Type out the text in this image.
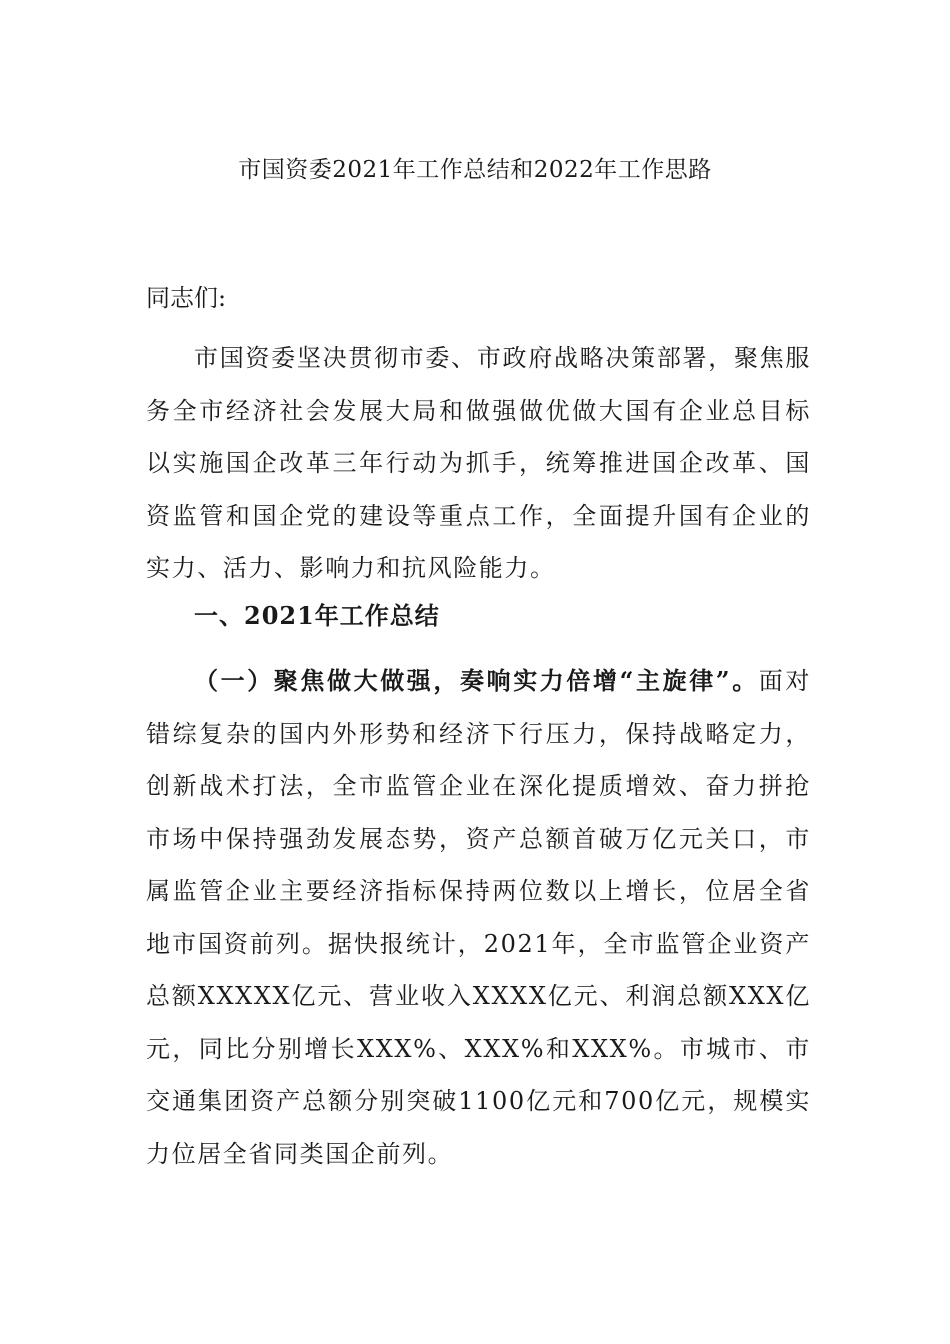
市国资委2021年工作总结和2022年工作思路
同志们:

市国资委坚决贯彻市委、市政府战略决策部署，聚焦服务全市经济社会发展大局和做强做优做大国有企业总目标以实施国企改革三年行动为抓手，统筹推进国企改革、国资监管和国企党的建设等重点工作，全面提升国有企业的实力、活力、影响力和抗风险能力。

一、2021年工作总结

（一）聚焦做大做强，奏响实力倍增“主旋律”。面对错综复杂的国内外形势和经济下行压力，保持战略定力，创新战术打法，全市监管企业在深化提质增效、奋力拼抢市场中保持强劲发展态势，资产总额首破万亿元关口，市属监管企业主要经济指标保持两位数以上增长，位居全省地市国资前列。据快报统计，2021年，全市监管企业资产总额XXXXX亿元、营业收入XXXX亿元、利润总额XXX亿元，同比分别增长XXX%、XXX%和XXX%。市城市、市交通集团资产总额分别突破1100亿元和700亿元，规模实力位居全省同类国企前列。
